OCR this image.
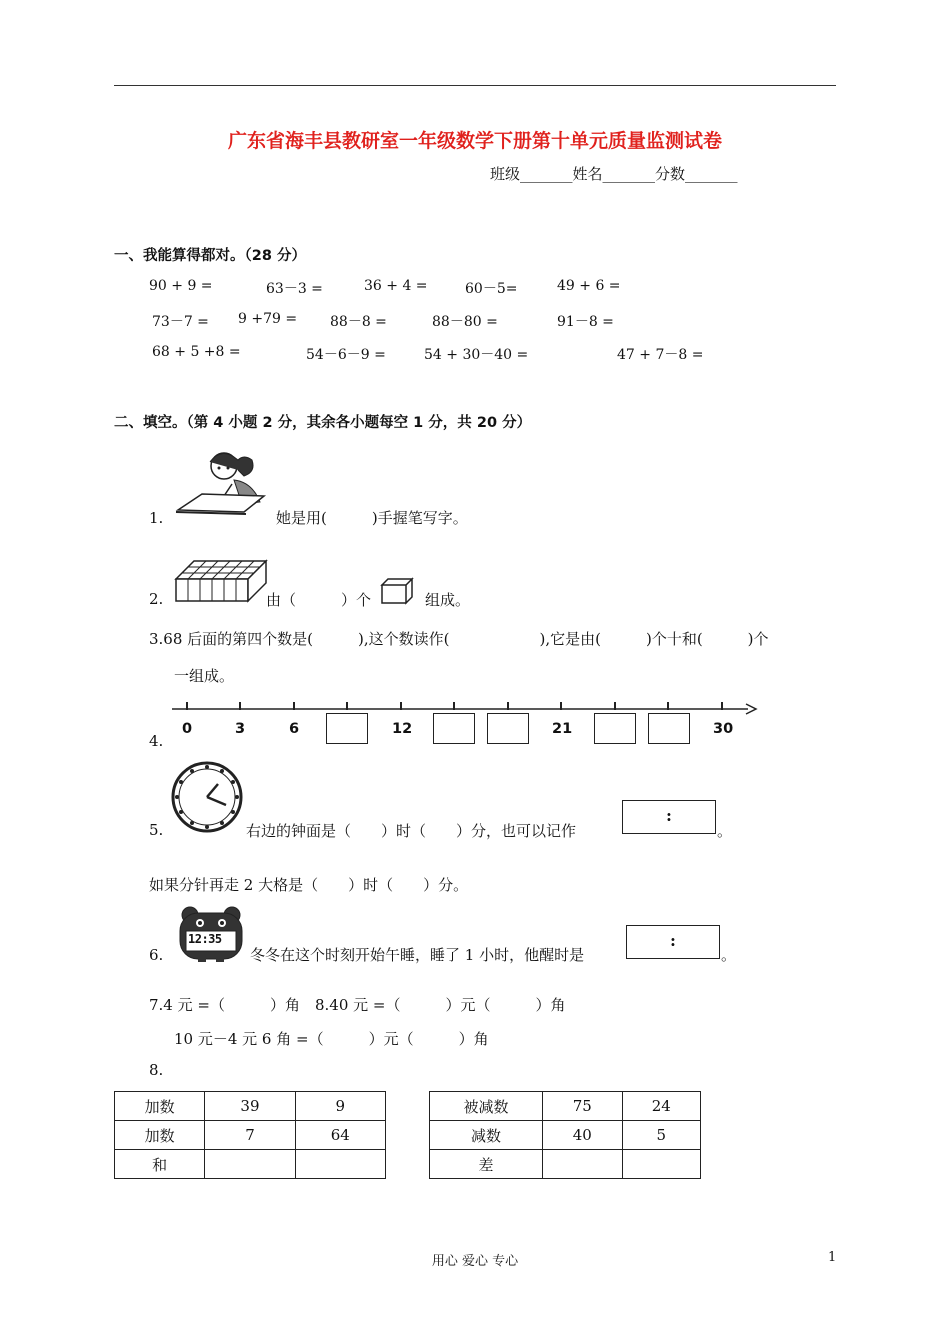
广东省海丰县教研室一年级数学下册第十单元质量监测试卷
班级_______姓名_______分数_______
一、我能算得都对。（28 分）
90 + 9 =	63－3 =	36 + 4 =	60－5=	49 + 6 =
73－7 = 9 +79 = 88－8 =	88－80 =	91－8 =
68 + 5 +8 =	54－6－9 =	54 + 30－40 =	47 + 7－8 =
二、填空。（第 4 小题 2 分，其余各小题每空 1 分，共 20 分）
1.	她是用(　　　)手握笔写字。
2.	由（　　　）个	组成。
3.68 后面的第四个数是(　　　),这个数读作(　　　　　　),它是由(　　　)个十和(　　　)个
一组成。
0	3	6	12	21	30
4.
5.	右边的钟面是（　　）时（　　）分，也可以记作
:
。
如果分针再走 2 大格是（　　）时（　　）分。
12:35
6.	冬冬在这个时刻开始午睡，睡了 1 小时，他醒时是
:
。
7.4 元 =（　　　）角　8.40 元 =（　　　）元（　　　）角
10 元－4 元 6 角 =（　　　）元（　　　）角
8.
加数	39	9
加数	7	64
和		
被减数	75	24
减数	40	5
差		
用心 爱心 专心	1
